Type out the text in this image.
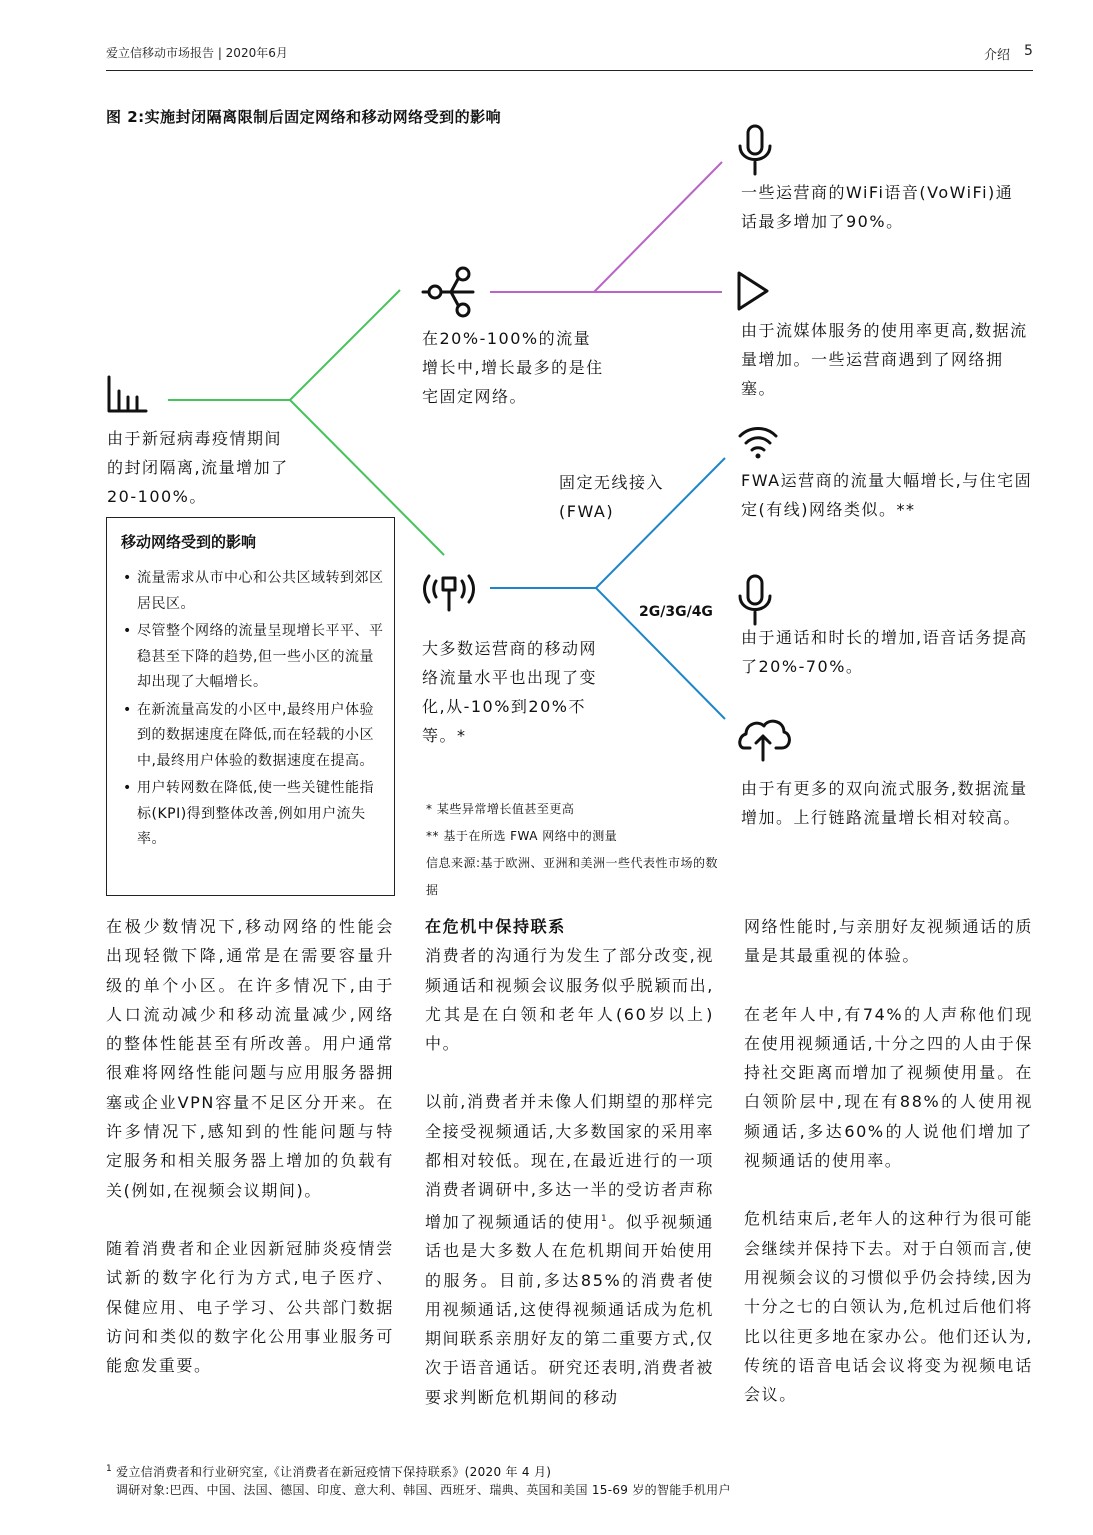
爱立信移动市场报告 | 2020年6月	介绍 5
图 2:实施封闭隔离限制后固定网络和移动网络受到的影响
由于新冠病毒疫情期间的封闭隔离,流量增加了20-100%。
在20%-100%的流量增长中,增长最多的是住宅固定网络。
大多数运营商的移动网络流量水平也出现了变化,从-10%到20%不等。*
一些运营商的WiFi语音(VoWiFi)通话最多增加了90%。
由于流媒体服务的使用率更高,数据流量增加。一些运营商遇到了网络拥塞。
固定无线接入 (FWA)
FWA运营商的流量大幅增长,与住宅固定(有线)网络类似。**
2G/3G/4G
由于通话和时长的增加,语音话务提高了20%-70%。
由于有更多的双向流式服务,数据流量增加。上行链路流量增长相对较高。
移动网络受到的影响
• 流量需求从市中心和公共区域转到郊区居民区。
• 尽管整个网络的流量呈现增长平平、平稳甚至下降的趋势,但一些小区的流量却出现了大幅增长。
• 在新流量高发的小区中,最终用户体验到的数据速度在降低,而在轻载的小区中,最终用户体验的数据速度在提高。
• 用户转网数在降低,使一些关键性能指标(KPI)得到整体改善,例如用户流失率。
* 某些异常增长值甚至更高
** 基于在所选 FWA 网络中的测量
信息来源:基于欧洲、亚洲和美洲一些代表性市场的数据

在极少数情况下,移动网络的性能会出现轻微下降,通常是在需要容量升级的单个小区。在许多情况下,由于人口流动减少和移动流量减少,网络的整体性能甚至有所改善。用户通常很难将网络性能问题与应用服务器拥塞或企业VPN容量不足区分开来。在许多情况下,感知到的性能问题与特定服务和相关服务器上增加的负载有关(例如,在视频会议期间)。

随着消费者和企业因新冠肺炎疫情尝试新的数字化行为方式,电子医疗、保健应用、电子学习、公共部门数据访问和类似的数字化公用事业服务可能愈发重要。

在危机中保持联系

消费者的沟通行为发生了部分改变,视频通话和视频会议服务似乎脱颖而出,尤其是在白领和老年人(60岁以上)中。

以前,消费者并未像人们期望的那样完全接受视频通话,大多数国家的采用率都相对较低。现在,在最近进行的一项消费者调研中,多达一半的受访者声称增加了视频通话的使用$^1$。似乎视频通话也是大多数人在危机期间开始使用的服务。目前,多达85%的消费者使用视频通话,这使得视频通话成为危机期间联系亲朋好友的第二重要方式,仅次于语音通话。研究还表明,消费者被要求判断危机期间的移动

网络性能时,与亲朋好友视频通话的质量是其最重视的体验。

在老年人中,有74%的人声称他们现在使用视频通话,十分之四的人由于保持社交距离而增加了视频使用量。在白领阶层中,现在有88%的人使用视频通话,多达60%的人说他们增加了视频通话的使用率。

危机结束后,老年人的这种行为很可能会继续并保持下去。对于白领而言,使用视频会议的习惯似乎仍会持续,因为十分之七的白领认为,危机过后他们将比以往更多地在家办公。他们还认为,传统的语音电话会议将变为视频电话会议。

$^1$ 爱立信消费者和行业研究室,《让消费者在新冠疫情下保持联系》(2020 年 4 月)
调研对象:巴西、中国、法国、德国、印度、意大利、韩国、西班牙、瑞典、英国和美国 15-69 岁的智能手机用户
